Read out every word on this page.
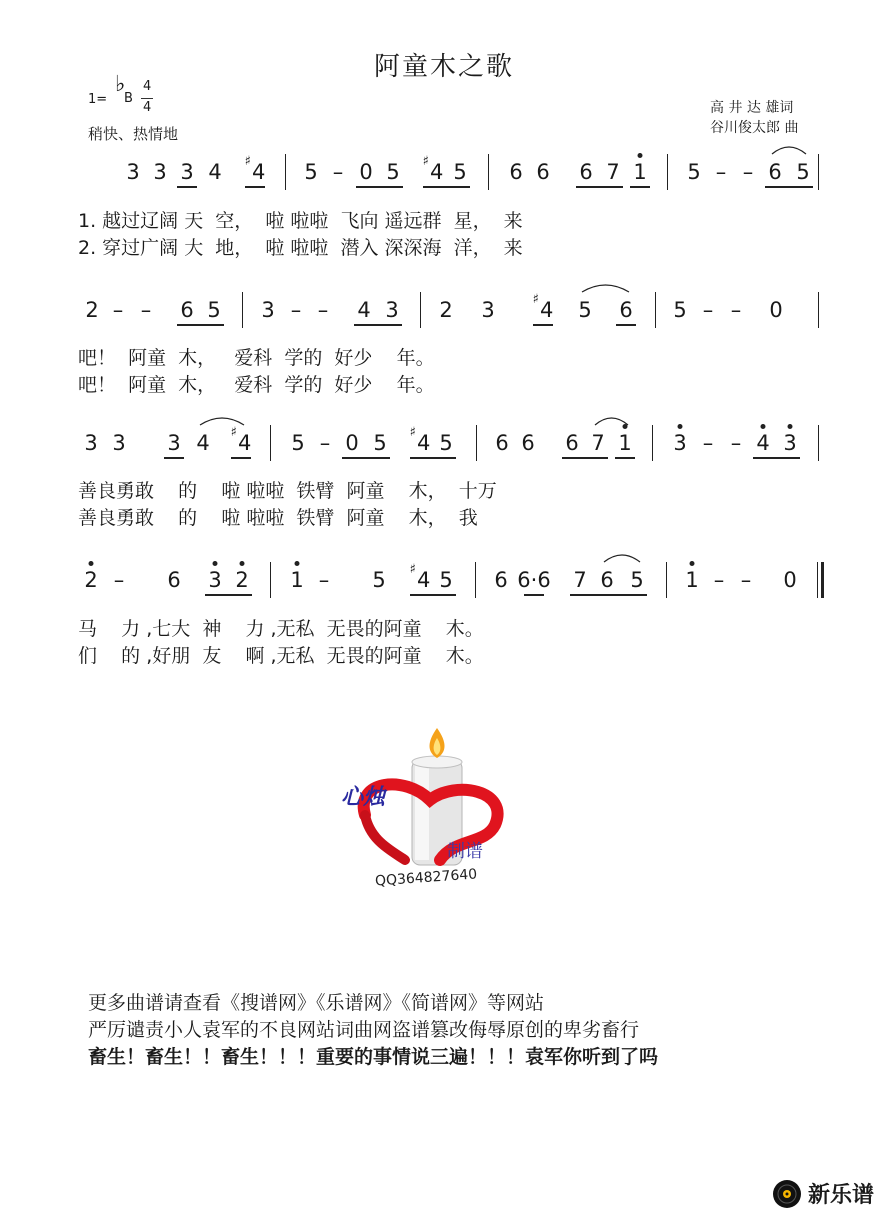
阿童木之歌
1=
♭
B
4
4
稍快、热情地
高 井 达 雄词
谷川俊太郎 曲
3 3 3 4 ♯4 5 – 0 5 ♯4 5 6 6 6 7 1 5 – – 6 5
2 – – 6 5 3 – – 4 3 2 3	♯4 5 6 5 – – 0
3 3 3 4 ♯4 5 – 0 5 ♯4 5 6 6 6 7 1 3 – – 4 3
2 – 6 3 2 1 – 5 ♯4 5 6 6·6 7 6 5 1 – – 0
1. 越过辽阔 天  空，  啦 啦啦  飞向 遥远群  星，  来
2. 穿过广阔 大  地，  啦 啦啦  潜入 深深海  洋，  来
吧！  阿童  木，   爱科  学的  好少    年。
吧！  阿童  木，   爱科  学的  好少    年。
善良勇敢    的    啦 啦啦  铁臂  阿童    木，  十万
善良勇敢    的    啦 啦啦  铁臂  阿童    木，  我
马    力 ,七大  神    力 ,无私  无畏的阿童    木。
们    的 ,好朋  友    啊 ,无私  无畏的阿童    木。
心烛
制谱
QQ364827640
更多曲谱请查看《搜谱网》《乐谱网》《简谱网》等网站
严厉谴责小人袁军的不良网站词曲网盗谱篡改侮辱原创的卑劣畜行
畜生！畜生！！畜生！！！重要的事情说三遍！！！袁军你听到了吗
新乐谱
